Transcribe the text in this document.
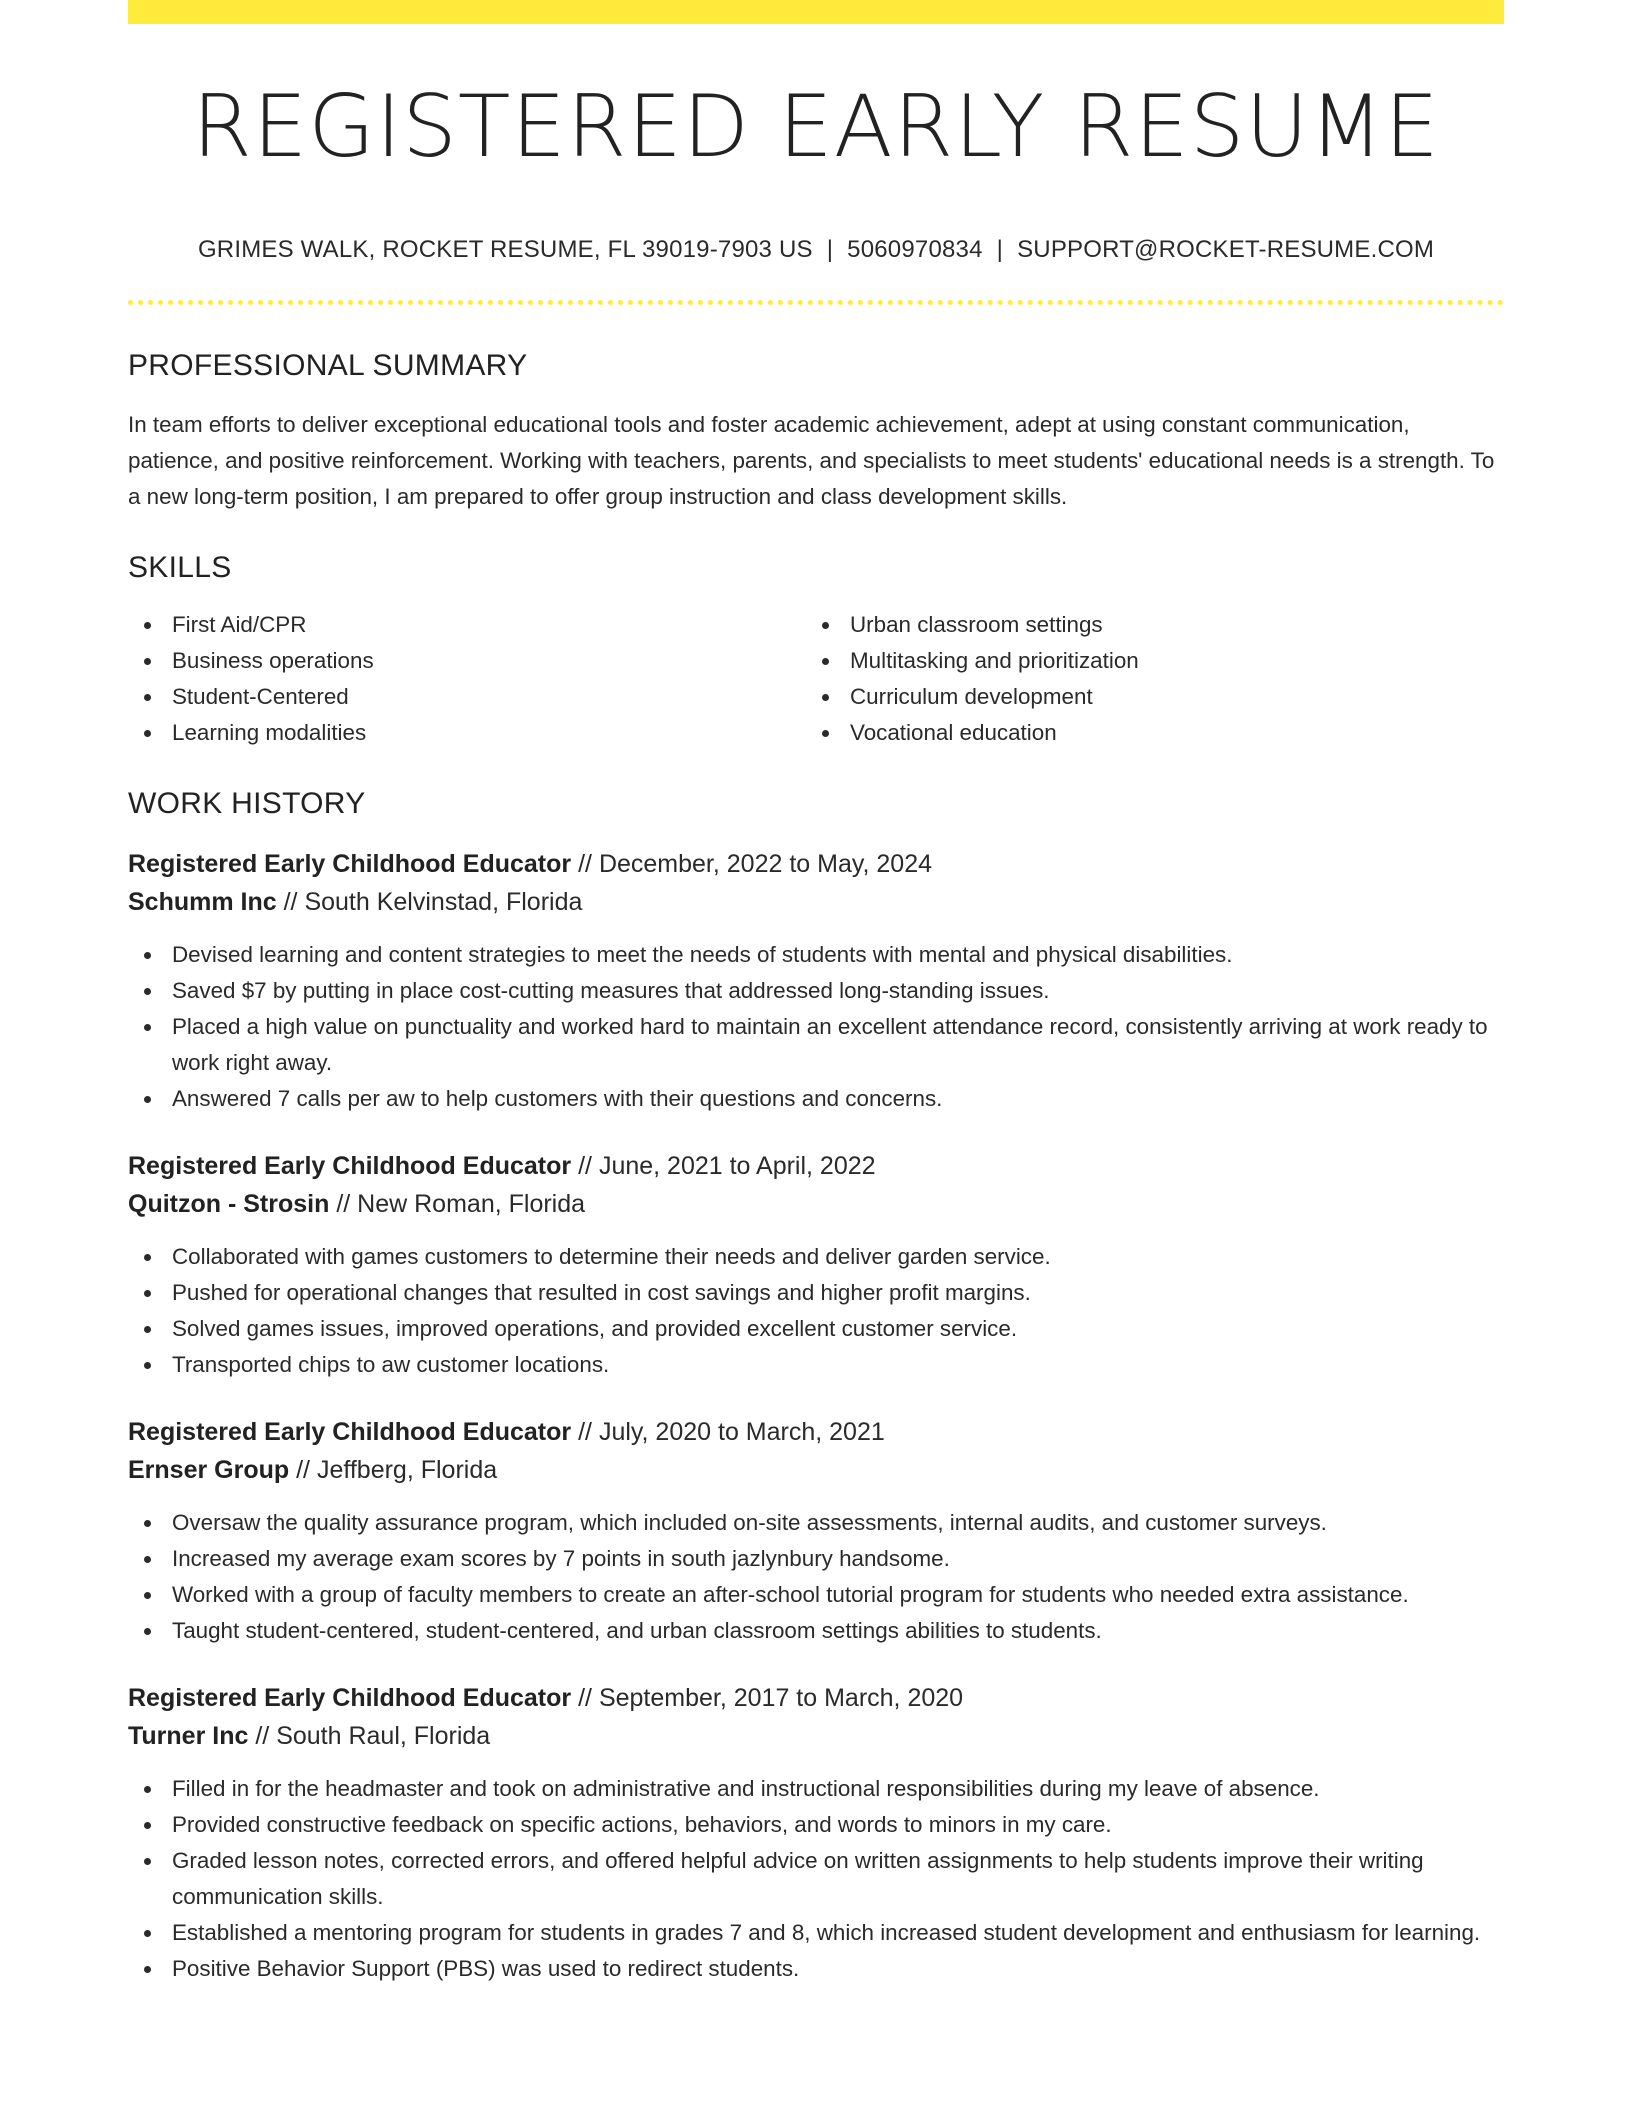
REGISTERED EARLY RESUME
GRIMES WALK, ROCKET RESUME, FL 39019-7903 US | 5060970834 | SUPPORT@ROCKET-RESUME.COM
PROFESSIONAL SUMMARY

In team efforts to deliver exceptional educational tools and foster academic achievement, adept at using constant communication, patience, and positive reinforcement. Working with teachers, parents, and specialists to meet students' educational needs is a strength. To a new long-term position, I am prepared to offer group instruction and class development skills.

SKILLS
First Aid/CPR
Business operations
Student-Centered
Learning modalities
Urban classroom settings
Multitasking and prioritization
Curriculum development
Vocational education
WORK HISTORY
Registered Early Childhood Educator // December, 2022 to May, 2024
Schumm Inc // South Kelvinstad, Florida
Devised learning and content strategies to meet the needs of students with mental and physical disabilities.
Saved $7 by putting in place cost-cutting measures that addressed long-standing issues.
Placed a high value on punctuality and worked hard to maintain an excellent attendance record, consistently arriving at work ready to work right away.
Answered 7 calls per aw to help customers with their questions and concerns.
Registered Early Childhood Educator // June, 2021 to April, 2022
Quitzon - Strosin // New Roman, Florida
Collaborated with games customers to determine their needs and deliver garden service.
Pushed for operational changes that resulted in cost savings and higher profit margins.
Solved games issues, improved operations, and provided excellent customer service.
Transported chips to aw customer locations.
Registered Early Childhood Educator // July, 2020 to March, 2021
Ernser Group // Jeffberg, Florida
Oversaw the quality assurance program, which included on-site assessments, internal audits, and customer surveys.
Increased my average exam scores by 7 points in south jazlynbury handsome.
Worked with a group of faculty members to create an after-school tutorial program for students who needed extra assistance.
Taught student-centered, student-centered, and urban classroom settings abilities to students.
Registered Early Childhood Educator // September, 2017 to March, 2020
Turner Inc // South Raul, Florida
Filled in for the headmaster and took on administrative and instructional responsibilities during my leave of absence.
Provided constructive feedback on specific actions, behaviors, and words to minors in my care.
Graded lesson notes, corrected errors, and offered helpful advice on written assignments to help students improve their writing communication skills.
Established a mentoring program for students in grades 7 and 8, which increased student development and enthusiasm for learning.
Positive Behavior Support (PBS) was used to redirect students.
